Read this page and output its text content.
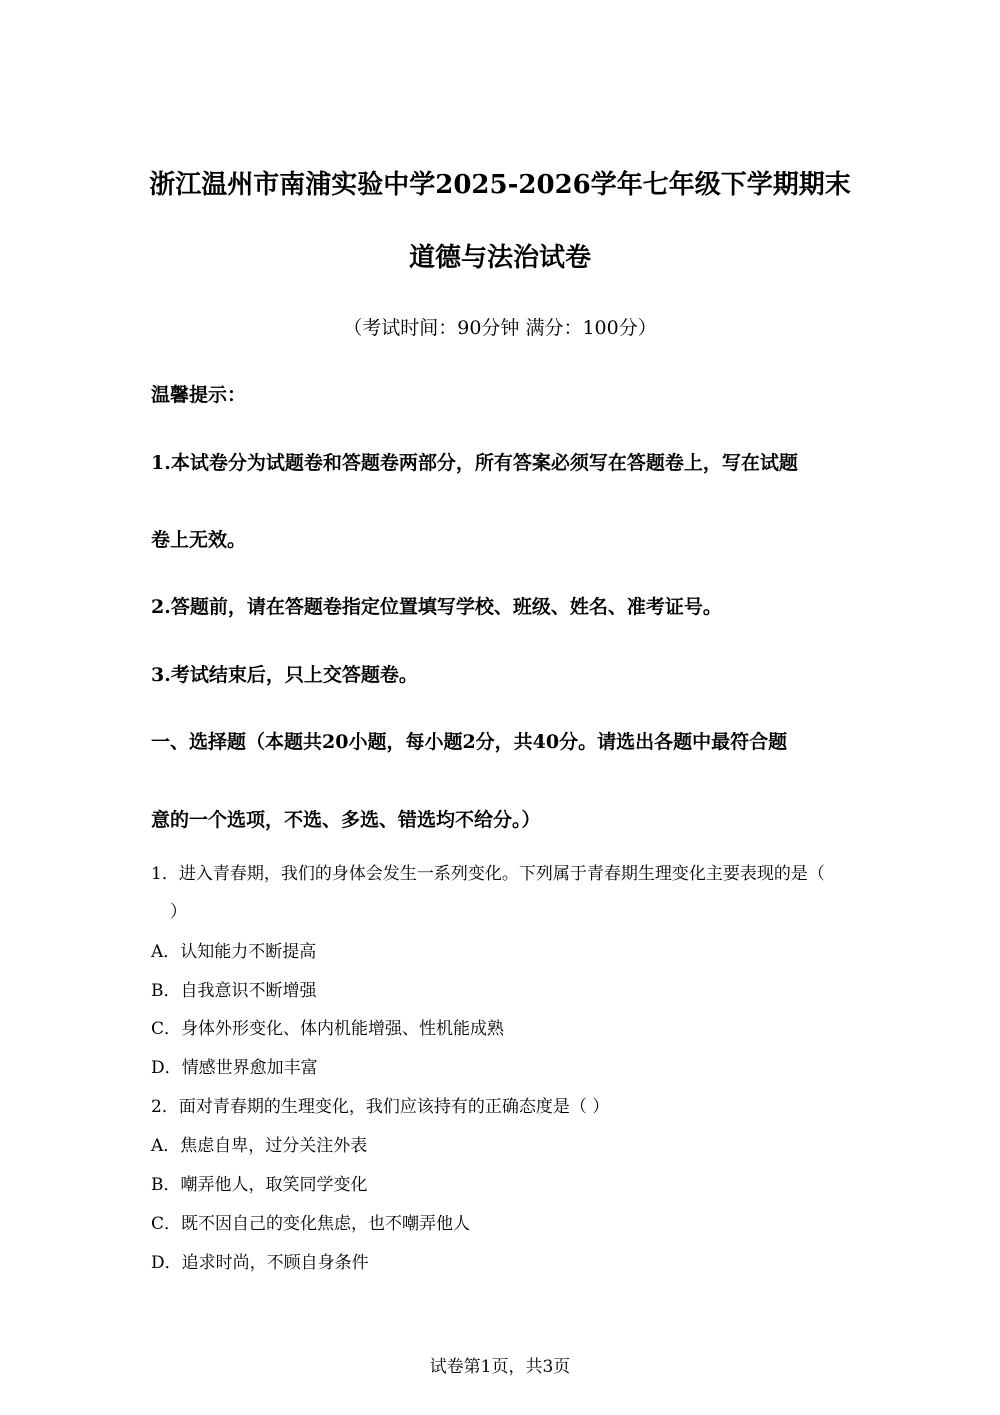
浙江温州市南浦实验中学2025-2026学年七年级下学期期末
道德与法治试卷
（考试时间：90分钟 满分：100分）
温馨提示：
1.本试卷分为试题卷和答题卷两部分，所有答案必须写在答题卷上，写在试题
卷上无效。
2.答题前，请在答题卷指定位置填写学校、班级、姓名、准考证号。
3.考试结束后，只上交答题卷。
一、选择题（本题共20小题，每小题2分，共40分。请选出各题中最符合题
意的一个选项，不选、多选、错选均不给分。）
1．进入青春期，我们的身体会发生一系列变化。下列属于青春期生理变化主要表现的是（
）
A．认知能力不断提高
B．自我意识不断增强
C．身体外形变化、体内机能增强、性机能成熟
D．情感世界愈加丰富
2．面对青春期的生理变化，我们应该持有的正确态度是（ ）
A．焦虑自卑，过分关注外表
B．嘲弄他人，取笑同学变化
C．既不因自己的变化焦虑，也不嘲弄他人
D．追求时尚，不顾自身条件
试卷第1页，共3页
